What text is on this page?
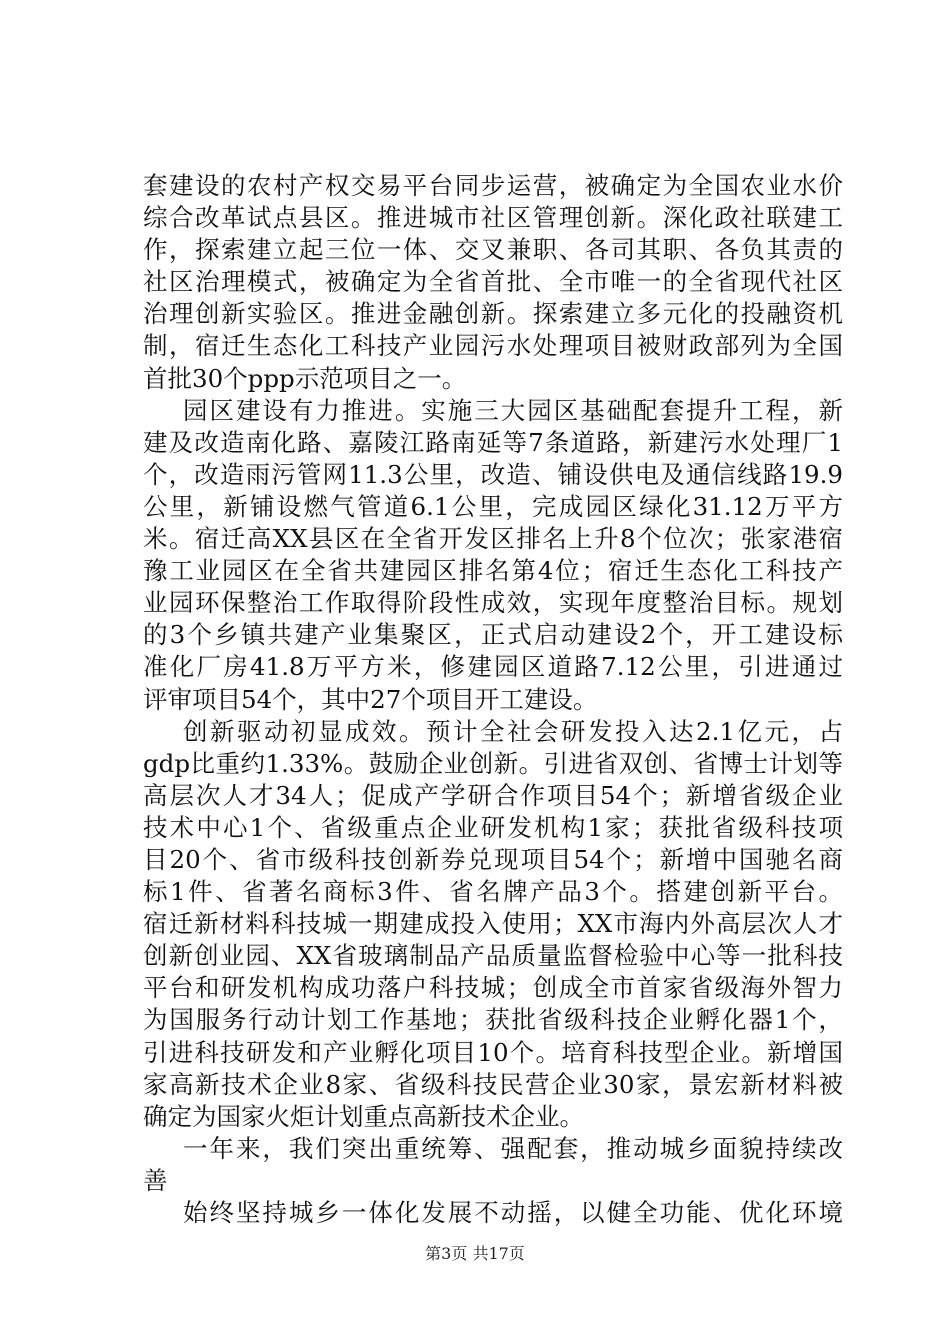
套建设的农村产权交易平台同步运营，被确定为全国农业水价
综合改革试点县区。推进城市社区管理创新。深化政社联建工
作，探索建立起三位一体、交叉兼职、各司其职、各负其责的
社区治理模式，被确定为全省首批、全市唯一的全省现代社区
治理创新实验区。推进金融创新。探索建立多元化的投融资机
制，宿迁生态化工科技产业园污水处理项目被财政部列为全国
首批30个ppp示范项目之一。
园区建设有力推进。实施三大园区基础配套提升工程，新
建及改造南化路、嘉陵江路南延等7条道路，新建污水处理厂1
个，改造雨污管网11.3公里，改造、铺设供电及通信线路19.9
公里，新铺设燃气管道6.1公里，完成园区绿化31.12万平方
米。宿迁高XX县区在全省开发区排名上升8个位次；张家港宿
豫工业园区在全省共建园区排名第4位；宿迁生态化工科技产
业园环保整治工作取得阶段性成效，实现年度整治目标。规划
的3个乡镇共建产业集聚区，正式启动建设2个，开工建设标
准化厂房41.8万平方米，修建园区道路7.12公里，引进通过
评审项目54个，其中27个项目开工建设。
创新驱动初显成效。预计全社会研发投入达2.1亿元，占
gdp比重约1.33%。鼓励企业创新。引进省双创、省博士计划等
高层次人才34人；促成产学研合作项目54个；新增省级企业
技术中心1个、省级重点企业研发机构1家；获批省级科技项
目20个、省市级科技创新券兑现项目54个；新增中国驰名商
标1件、省著名商标3件、省名牌产品3个。搭建创新平台。
宿迁新材料科技城一期建成投入使用；XX市海内外高层次人才
创新创业园、XX省玻璃制品产品质量监督检验中心等一批科技
平台和研发机构成功落户科技城；创成全市首家省级海外智力
为国服务行动计划工作基地；获批省级科技企业孵化器1个，
引进科技研发和产业孵化项目10个。培育科技型企业。新增国
家高新技术企业8家、省级科技民营企业30家，景宏新材料被
确定为国家火炬计划重点高新技术企业。
一年来，我们突出重统筹、强配套，推动城乡面貌持续改
善
始终坚持城乡一体化发展不动摇，以健全功能、优化环境
第3页 共17页
